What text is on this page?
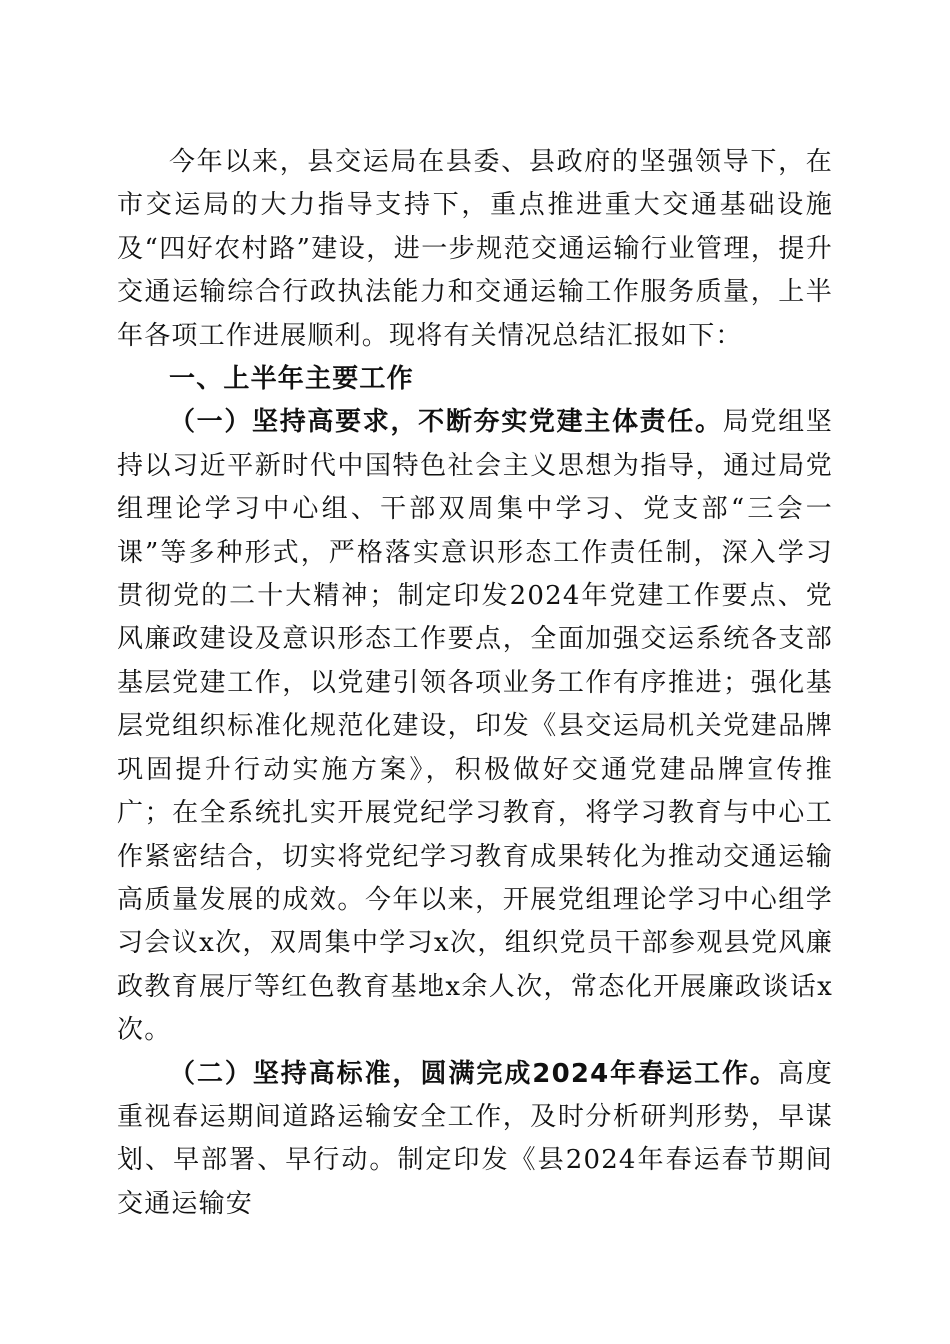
今年以来，县交运局在县委、县政府的坚强领导下，在市交运局的大力指导支持下，重点推进重大交通基础设施及“四好农村路”建设，进一步规范交通运输行业管理，提升交通运输综合行政执法能力和交通运输工作服务质量，上半年各项工作进展顺利。现将有关情况总结汇报如下：

一、上半年主要工作

（一）坚持高要求，不断夯实党建主体责任。局党组坚持以习近平新时代中国特色社会主义思想为指导，通过局党组理论学习中心组、干部双周集中学习、党支部“三会一课”等多种形式，严格落实意识形态工作责任制，深入学习贯彻党的二十大精神；制定印发2024年党建工作要点、党风廉政建设及意识形态工作要点，全面加强交运系统各支部基层党建工作，以党建引领各项业务工作有序推进；强化基层党组织标准化规范化建设，印发《县交运局机关党建品牌巩固提升行动实施方案》，积极做好交通党建品牌宣传推广；在全系统扎实开展党纪学习教育，将学习教育与中心工作紧密结合，切实将党纪学习教育成果转化为推动交通运输高质量发展的成效。今年以来，开展党组理论学习中心组学习会议x次，双周集中学习x次，组织党员干部参观县党风廉政教育展厅等红色教育基地x余人次，常态化开展廉政谈话x次。

（二）坚持高标准，圆满完成2024年春运工作。高度重视春运期间道路运输安全工作，及时分析研判形势，早谋划、早部署、早行动。制定印发《县2024年春运春节期间交通运输安
